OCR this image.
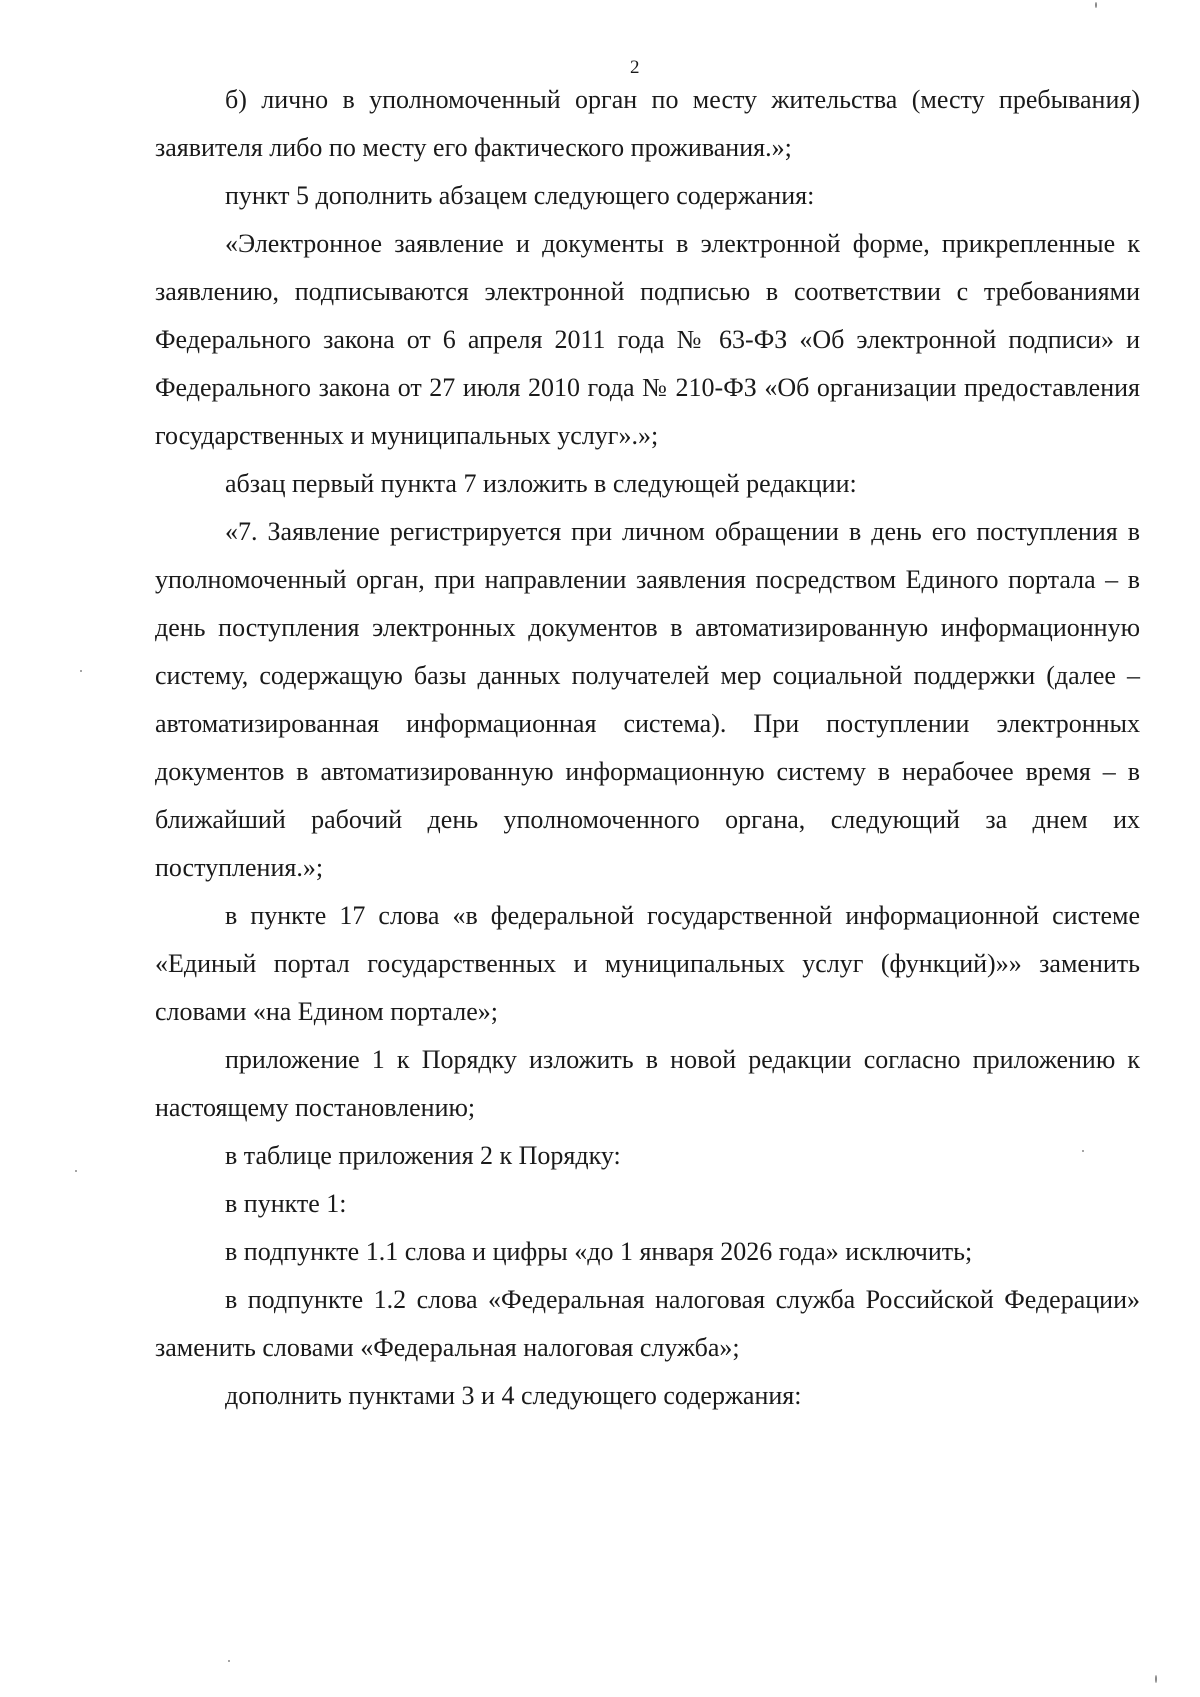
2

б) лично в уполномоченный орган по месту жительства (месту пребывания) заявителя либо по месту его фактического проживания.»;

пункт 5 дополнить абзацем следующего содержания:

«Электронное заявление и документы в электронной форме, прикрепленные к заявлению, подписываются электронной подписью в соответствии с требованиями Федерального закона от 6 апреля 2011 года № 63-ФЗ «Об электронной подписи» и Федерального закона от 27 июля 2010 года № 210-ФЗ «Об организации предоставления государственных и муниципальных услуг».»;

абзац первый пункта 7 изложить в следующей редакции:

«7. Заявление регистрируется при личном обращении в день его поступления в уполномоченный орган, при направлении заявления посредством Единого портала – в день поступления электронных документов в автоматизированную информационную систему, содержащую базы данных получателей мер социальной поддержки (далее – автоматизированная информационная система). При поступлении электронных документов в автоматизированную информационную систему в нерабочее время – в ближайший рабочий день уполномоченного органа, следующий за днем их поступления.»;

в пункте 17 слова «в федеральной государственной информационной системе «Единый портал государственных и муниципальных услуг (функций)»» заменить словами «на Едином портале»;

приложение 1 к Порядку изложить в новой редакции согласно приложению к настоящему постановлению;

в таблице приложения 2 к Порядку:

в пункте 1:

в подпункте 1.1 слова и цифры «до 1 января 2026 года» исключить;

в подпункте 1.2 слова «Федеральная налоговая служба Российской Федерации» заменить словами «Федеральная налоговая служба»;

дополнить пунктами 3 и 4 следующего содержания:
